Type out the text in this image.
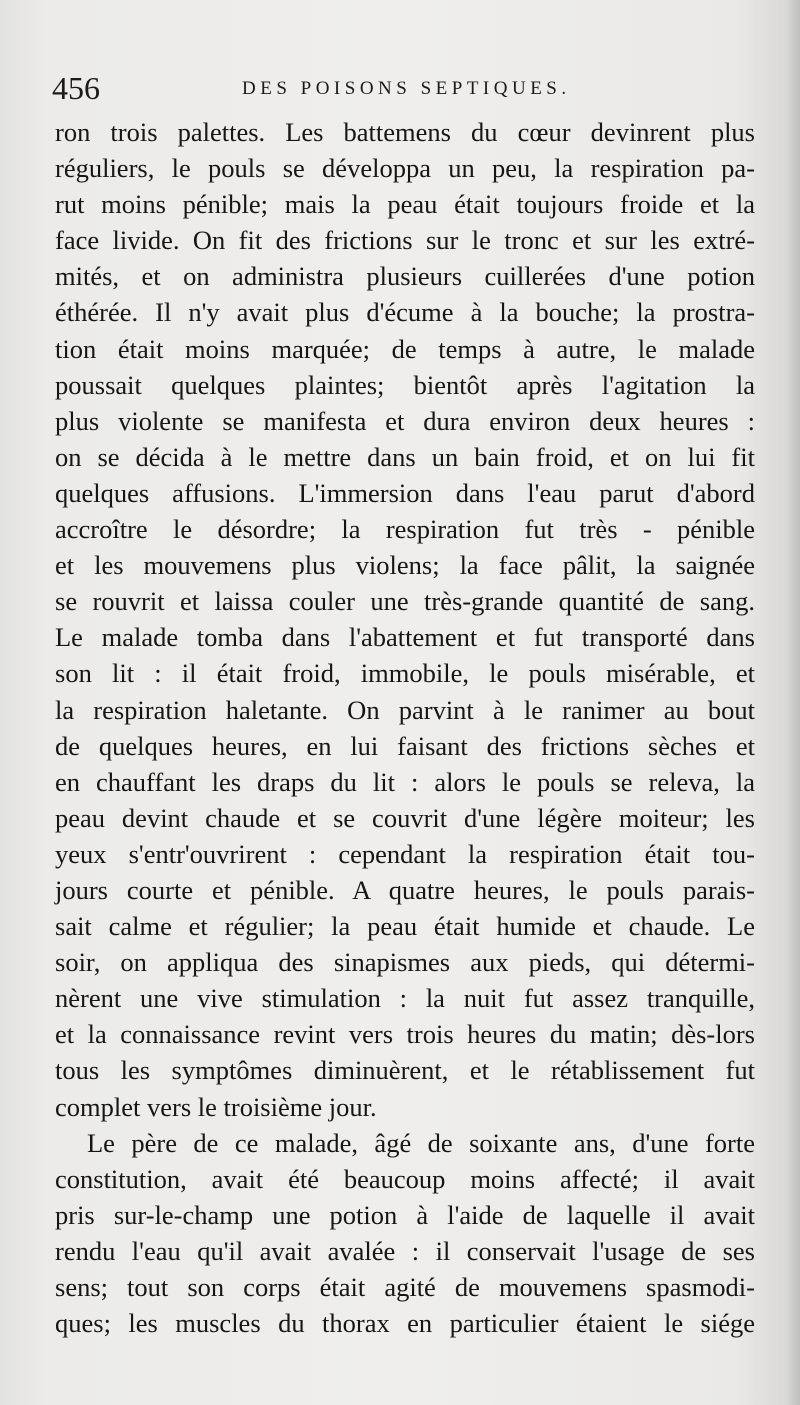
456	DES POISONS SEPTIQUES.
ron trois palettes. Les battemens du cœur devinrent plus
réguliers, le pouls se développa un peu, la respiration pa-
rut moins pénible; mais la peau était toujours froide et la
face livide. On fit des frictions sur le tronc et sur les extré-
mités, et on administra plusieurs cuillerées d'une potion
éthérée. Il n'y avait plus d'écume à la bouche; la prostra-
tion était moins marquée; de temps à autre, le malade
poussait quelques plaintes; bientôt après l'agitation la
plus violente se manifesta et dura environ deux heures :
on se décida à le mettre dans un bain froid, et on lui fit
quelques affusions. L'immersion dans l'eau parut d'abord
accroître le désordre; la respiration fut très - pénible
et les mouvemens plus violens; la face pâlit, la saignée
se rouvrit et laissa couler une très-grande quantité de sang.
Le malade tomba dans l'abattement et fut transporté dans
son lit : il était froid, immobile, le pouls misérable, et
la respiration haletante. On parvint à le ranimer au bout
de quelques heures, en lui faisant des frictions sèches et
en chauffant les draps du lit : alors le pouls se releva, la
peau devint chaude et se couvrit d'une légère moiteur; les
yeux s'entr'ouvrirent : cependant la respiration était tou-
jours courte et pénible. A quatre heures, le pouls parais-
sait calme et régulier; la peau était humide et chaude. Le
soir, on appliqua des sinapismes aux pieds, qui détermi-
nèrent une vive stimulation : la nuit fut assez tranquille,
et la connaissance revint vers trois heures du matin; dès-lors
tous les symptômes diminuèrent, et le rétablissement fut
complet vers le troisième jour.
Le père de ce malade, âgé de soixante ans, d'une forte
constitution, avait été beaucoup moins affecté; il avait
pris sur-le-champ une potion à l'aide de laquelle il avait
rendu l'eau qu'il avait avalée : il conservait l'usage de ses
sens; tout son corps était agité de mouvemens spasmodi-
ques; les muscles du thorax en particulier étaient le siége
